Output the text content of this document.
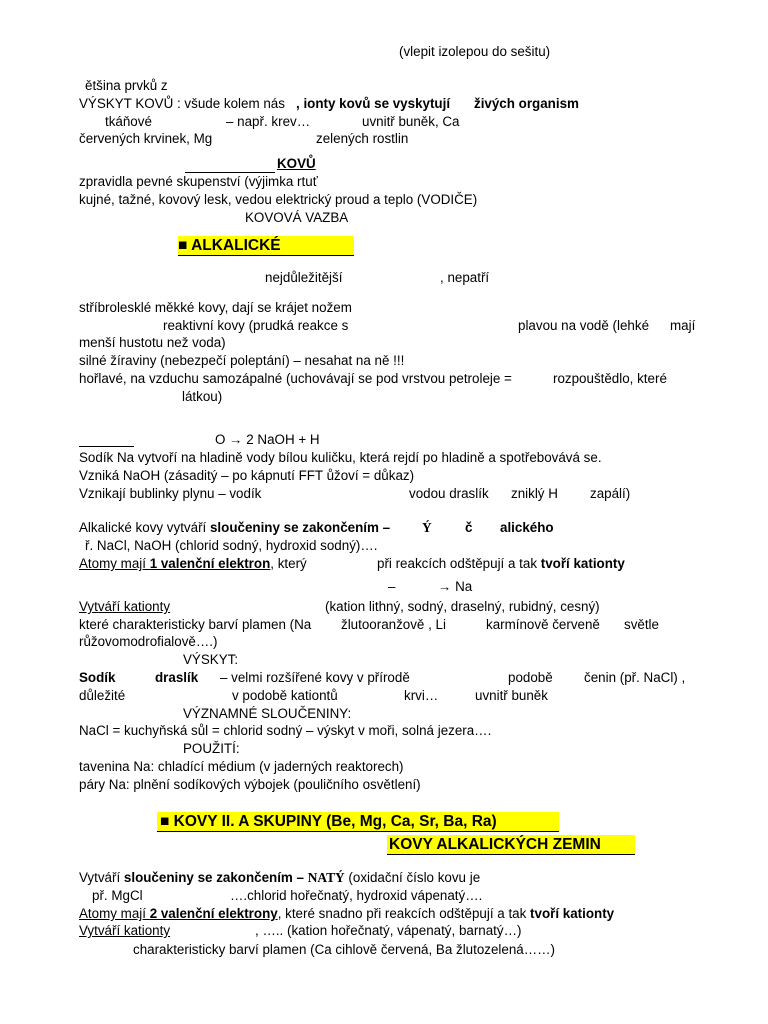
(vlepit izolepou do sešitu)
ětšina prvků z
VÝSKYT KOVŮ : všude kolem nás , ionty kovů se vyskytují živých organism
tkáňové	– např. krev…	uvnitř buněk, Ca
červených krvinek, Mg	zelených rostlin
KOVŮ
zpravidla pevné skupenství (výjimka rtuť
kujné, tažné, kovový lesk, vedou elektrický proud a teplo (VODIČE)
KOVOVÁ VAZBA
■ ALKALICKÉ
nejdůležitější	, nepatří
stříbrolesklé měkké kovy, dají se krájet nožem
reaktivní kovy (prudká reakce s	plavou na vodě (lehké mají
menší hustotu než voda)
silné žíraviny (nebezpečí poleptání) – nesahat na ně !!!
hořlavé, na vzduchu samozápalné (uchovávají se pod vrstvou petroleje =	rozpouštědlo, které
látkou)
O → 2 NaOH + H
Sodík Na vytvoří na hladině vody bílou kuličku, která rejdí po hladině a spotřebovává se.
Vzniká NaOH (zásaditý – po kápnutí FFT ůžoví = důkaz)
Vznikají bublinky plynu – vodík	vodou draslík zniklý H zapálí)
Alkalické kovy vytváří sloučeniny se zakončením – Ý č alického
ř. NaCl, NaOH (chlorid sodný, hydroxid sodný)….
Atomy mají 1 valenční elektron, který	při reakcích odštěpují a tak tvoří kationty
–	→ Na
Vytváří kationty	(kation lithný, sodný, draselný, rubidný, cesný)
které charakteristicky barví plamen (Na žlutooranžově , Li	karmínově červeně světle
růžovomodrofialově….)
VÝSKYT:
Sodík	draslík – velmi rozšířené kovy v přírodě	podobě čenin (př. NaCl) ,
důležité	v podobě kationtů	krvi…	uvnitř buněk
VÝZNAMNÉ SLOUČENINY:
NaCl = kuchyňská sůl = chlorid sodný – výskyt v moři, solná jezera….
POUŽITÍ:
tavenina Na: chladící médium (v jaderných reaktorech)
páry Na: plnění sodíkových výbojek (pouličního osvětlení)
■ KOVY II. A SKUPINY (Be, Mg, Ca, Sr, Ba, Ra)
KOVY ALKALICKÝCH ZEMIN
Vytváří sloučeniny se zakončením – NATÝ (oxidační číslo kovu je
př. MgCl	….chlorid hořečnatý, hydroxid vápenatý….
Atomy mají 2 valenční elektrony, které snadno při reakcích odštěpují a tak tvoří kationty
Vytváří kationty	, ….. (kation hořečnatý, vápenatý, barnatý…)
charakteristicky barví plamen (Ca cihlově červená, Ba žlutozelená……)
